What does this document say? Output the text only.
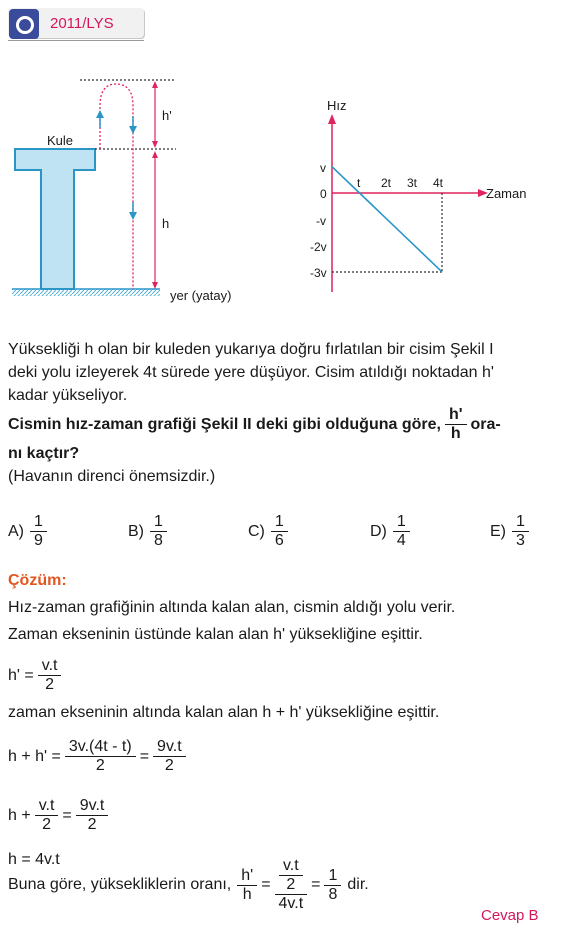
2011/LYS
Kule
h'
h
yer (yatay)
Hız
Zaman
v
0
-v
-2v
-3v
t 2t 3t 4t
Yüksekliği h olan bir kuleden yukarıya doğru fırlatılan bir cisim Şekil I
deki yolu izleyerek 4t sürede yere düşüyor. Cisim atıldığı noktadan h'
kadar yükseliyor.
Cismin hız-zaman grafiği Şekil II deki gibi olduğuna göre, $\frac{h'}{h} ora-$
nı kaçtır?
(Havanın direnci önemsizdir.)
$A) \frac{1}{9}$	$B) \frac{1}{8}$	$C) \frac{1}{6}$	$D) \frac{1}{4}$	$E) \frac{1}{3}$
Çözüm:
Hız-zaman grafiğinin altında kalan alan, cismin aldığı yolu verir.
Zaman ekseninin üstünde kalan alan h' yüksekliğine eşittir.
$h' = \frac{v.t}{2}$
zaman ekseninin altında kalan alan h + h' yüksekliğine eşittir.
$h + h' = \frac{3v.(4t - t)}{2} = \frac{9v.t}{2}$
$h + \frac{v.t}{2} = \frac{9v.t}{2}$
h = 4v.t
Buna göre, yüksekliklerin oranı, $\frac{h'}{h} = \frac{\frac{v.t}{2}}{4v.t} = \frac{1}{8}$ dir.
Cevap B
